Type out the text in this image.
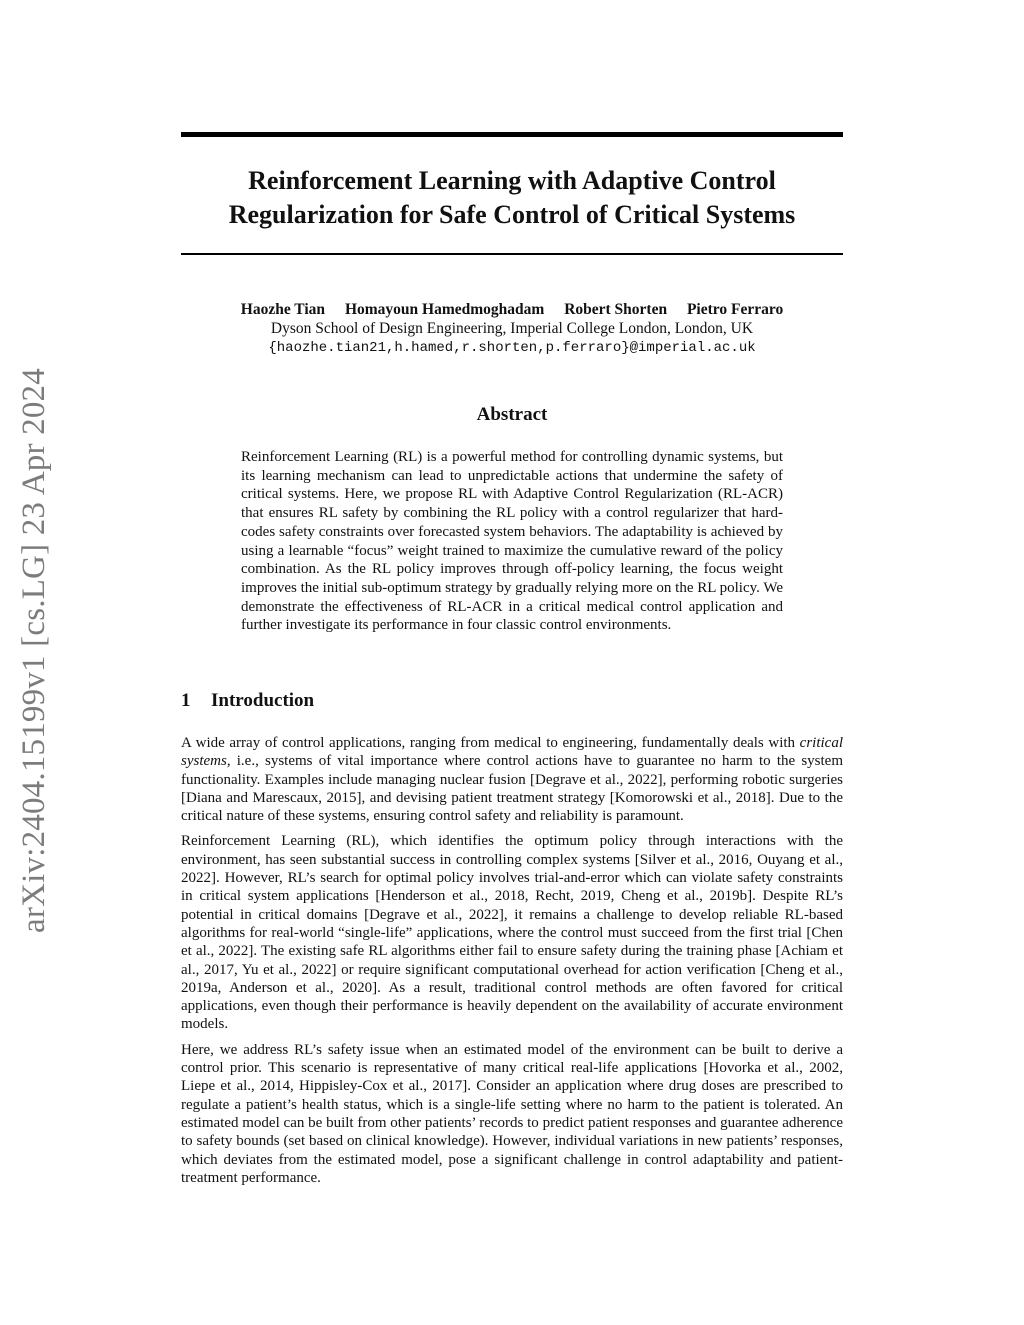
arXiv:2404.15199v1 [cs.LG] 23 Apr 2024
Reinforcement Learning with Adaptive Control
Regularization for Safe Control of Critical Systems
Haozhe Tian Homayoun Hamedmoghadam Robert Shorten Pietro Ferraro
Dyson School of Design Engineering, Imperial College London, London, UK
{haozhe.tian21,h.hamed,r.shorten,p.ferraro}@imperial.ac.uk
Abstract
Reinforcement Learning (RL) is a powerful method for controlling dynamic systems, but its learning mechanism can lead to unpredictable actions that undermine the safety of critical systems. Here, we propose RL with Adaptive Control Regularization (RL-ACR) that ensures RL safety by combining the RL policy with a control regularizer that hard-codes safety constraints over forecasted system behaviors. The adaptability is achieved by using a learnable “focus” weight trained to maximize the cumulative reward of the policy combination. As the RL policy improves through off-policy learning, the focus weight improves the initial sub-optimum strategy by gradually relying more on the RL policy. We demonstrate the effectiveness of RL-ACR in a critical medical control application and further investigate its performance in four classic control environments.
1 Introduction

A wide array of control applications, ranging from medical to engineering, fundamentally deals with critical systems, i.e., systems of vital importance where control actions have to guarantee no harm to the system functionality. Examples include managing nuclear fusion [Degrave et al., 2022], performing robotic surgeries [Diana and Marescaux, 2015], and devising patient treatment strategy [Komorowski et al., 2018]. Due to the critical nature of these systems, ensuring control safety and reliability is paramount.

Reinforcement Learning (RL), which identifies the optimum policy through interactions with the environment, has seen substantial success in controlling complex systems [Silver et al., 2016, Ouyang et al., 2022]. However, RL’s search for optimal policy involves trial-and-error which can violate safety constraints in critical system applications [Henderson et al., 2018, Recht, 2019, Cheng et al., 2019b]. Despite RL’s potential in critical domains [Degrave et al., 2022], it remains a challenge to develop reliable RL-based algorithms for real-world “single-life” applications, where the control must succeed from the first trial [Chen et al., 2022]. The existing safe RL algorithms either fail to ensure safety during the training phase [Achiam et al., 2017, Yu et al., 2022] or require significant computational overhead for action verification [Cheng et al., 2019a, Anderson et al., 2020]. As a result, traditional control methods are often favored for critical applications, even though their performance is heavily dependent on the availability of accurate environment models.

Here, we address RL’s safety issue when an estimated model of the environment can be built to derive a control prior. This scenario is representative of many critical real-life applications [Hovorka et al., 2002, Liepe et al., 2014, Hippisley-Cox et al., 2017]. Consider an application where drug doses are prescribed to regulate a patient’s health status, which is a single-life setting where no harm to the patient is tolerated. An estimated model can be built from other patients’ records to predict patient responses and guarantee adherence to safety bounds (set based on clinical knowledge). However, individual variations in new patients’ responses, which deviates from the estimated model, pose a significant challenge in control adaptability and patient-treatment performance.
